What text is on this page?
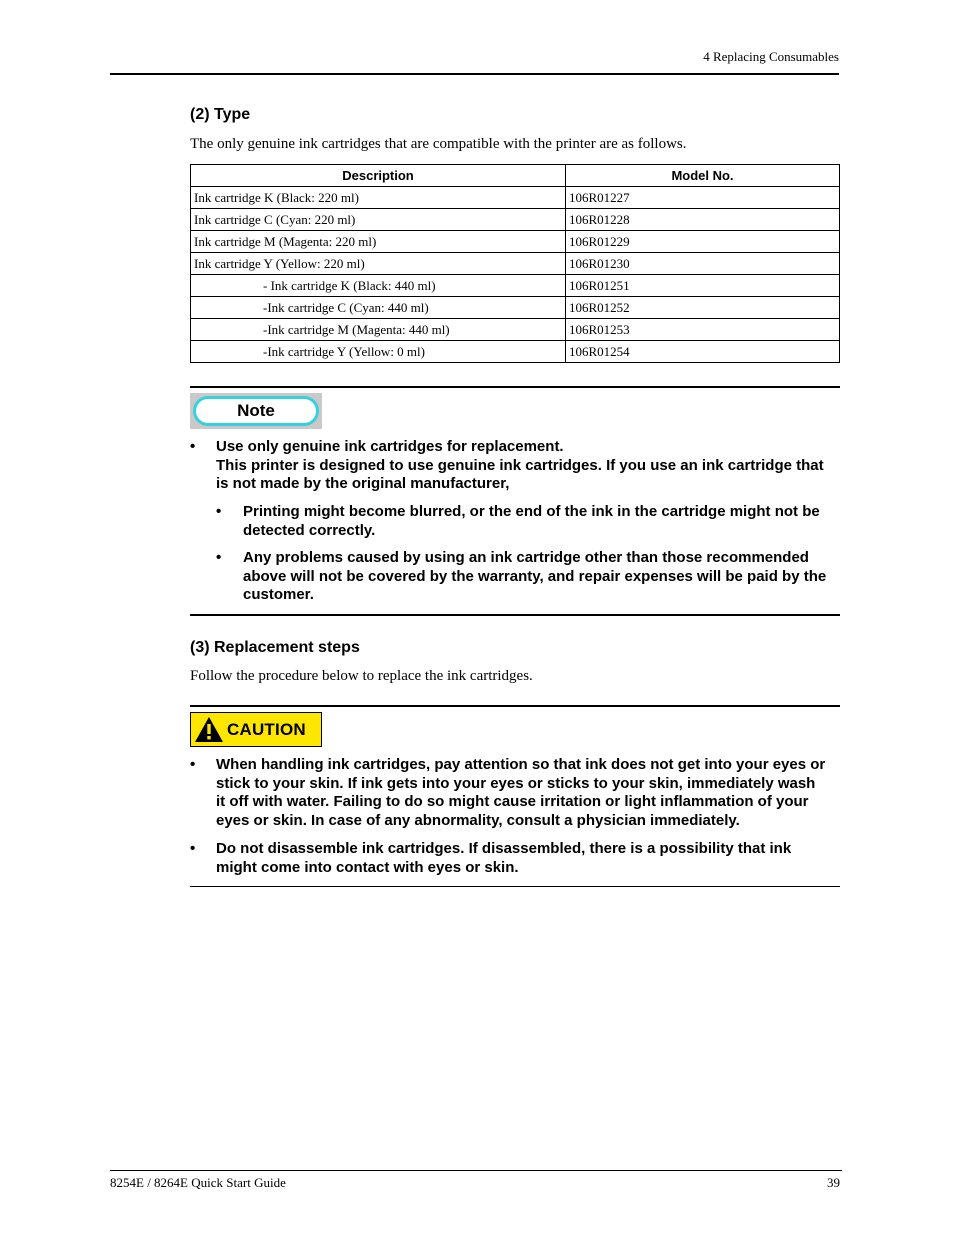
4 Replacing Consumables
(2) Type
The only genuine ink cartridges that are compatible with the printer are as follows.
Description	Model No.
Ink cartridge K (Black: 220 ml)	106R01227
Ink cartridge C (Cyan: 220 ml)	106R01228
Ink cartridge M (Magenta: 220 ml)	106R01229
Ink cartridge Y (Yellow: 220 ml)	106R01230
- Ink cartridge K (Black: 440 ml)	106R01251
-Ink cartridge C (Cyan: 440 ml)	106R01252
-Ink cartridge M (Magenta: 440 ml)	106R01253
-Ink cartridge Y (Yellow: 0 ml)	106R01254
Note
• Use only genuine ink cartridges for replacement.
This printer is designed to use genuine ink cartridges. If you use an ink cartridge that
is not made by the original manufacturer,
• Printing might become blurred, or the end of the ink in the cartridge might not be
detected correctly.
• Any problems caused by using an ink cartridge other than those recommended
above will not be covered by the warranty, and repair expenses will be paid by the
customer.
(3) Replacement steps
Follow the procedure below to replace the ink cartridges.
CAUTION
• When handling ink cartridges, pay attention so that ink does not get into your eyes or
stick to your skin. If ink gets into your eyes or sticks to your skin, immediately wash
it off with water. Failing to do so might cause irritation or light inflammation of your
eyes or skin. In case of any abnormality, consult a physician immediately.
• Do not disassemble ink cartridges. If disassembled, there is a possibility that ink
might come into contact with eyes or skin.
8254E / 8264E Quick Start Guide	39
